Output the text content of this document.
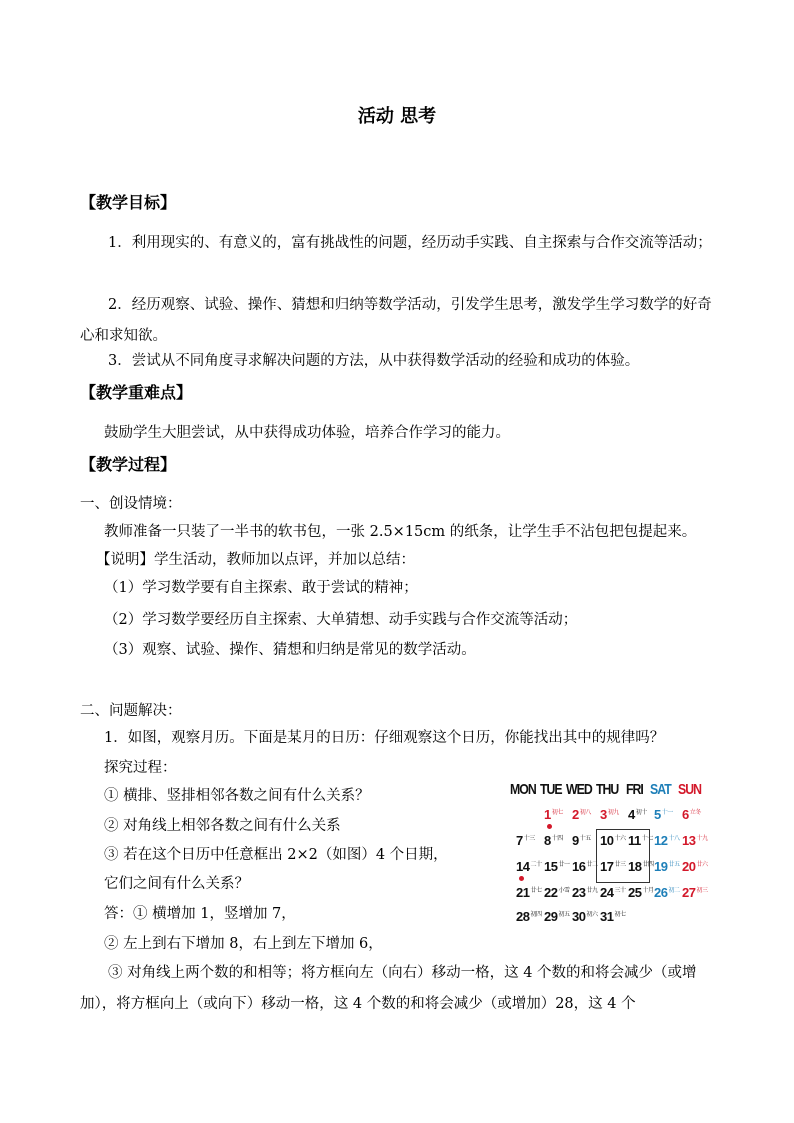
活动 思考
【教学目标】
1．利用现实的、有意义的，富有挑战性的问题，经历动手实践、自主探索与合作交流等活动；
2．经历观察、试验、操作、猜想和归纳等数学活动，引发学生思考，激发学生学习数学的好奇心和求知欲。
3．尝试从不同角度寻求解决问题的方法，从中获得数学活动的经验和成功的体验。
【教学重难点】
鼓励学生大胆尝试，从中获得成功体验，培养合作学习的能力。
【教学过程】
一、创设情境：
教师准备一只装了一半书的软书包，一张 2.5×15cm 的纸条，让学生手不沾包把包提起来。
【说明】学生活动，教师加以点评，并加以总结：
（1）学习数学要有自主探索、敢于尝试的精神；
（2）学习数学要经历自主探索、大单猜想、动手实践与合作交流等活动；
（3）观察、试验、操作、猜想和归纳是常见的数学活动。
二、问题解决：
1．如图，观察月历。下面是某月的日历：仔细观察这个日历，你能找出其中的规律吗？
探究过程：
① 横排、竖排相邻各数之间有什么关系？
② 对角线上相邻各数之间有什么关系
③ 若在这个日历中任意框出 2×2（如图）4 个日期，
它们之间有什么关系？
答：① 横增加 1，竖增加 7，
② 左上到右下增加 8，右上到左下增加 6，
③ 对角线上两个数的和相等；将方框向左（向右）移动一格，这 4 个数的和将会减少（或增加），将方框向上（或向下）移动一格，这 4 个数的和将会减少（或增加）28，这 4 个
MON TUE WED THU FRI SAT SUN
$1^{初七}$ $2^{初八}$ $3^{初九}$ $4^{初十}$ $5^{十一}$ $6^{立冬}$
$7^{十三}$ $8^{十四}$ $9^{十五}$ $10^{十六}$ $11^{十七}$ $12^{十八}$ $13^{十九}$
$14^{二十}$ $15^{廿一}$ $16^{廿二}$ $17^{廿三}$ $18^{廿四}$ $19^{廿五}$ $20^{廿六}$
$21^{廿七}$ $22^{小雪}$ $23^{廿九}$ $24^{三十}$ $25^{十月}$ $26^{初二}$ $27^{初三}$
$28^{初四}$ $29^{初五}$ $30^{初六}$ $31^{初七}$
